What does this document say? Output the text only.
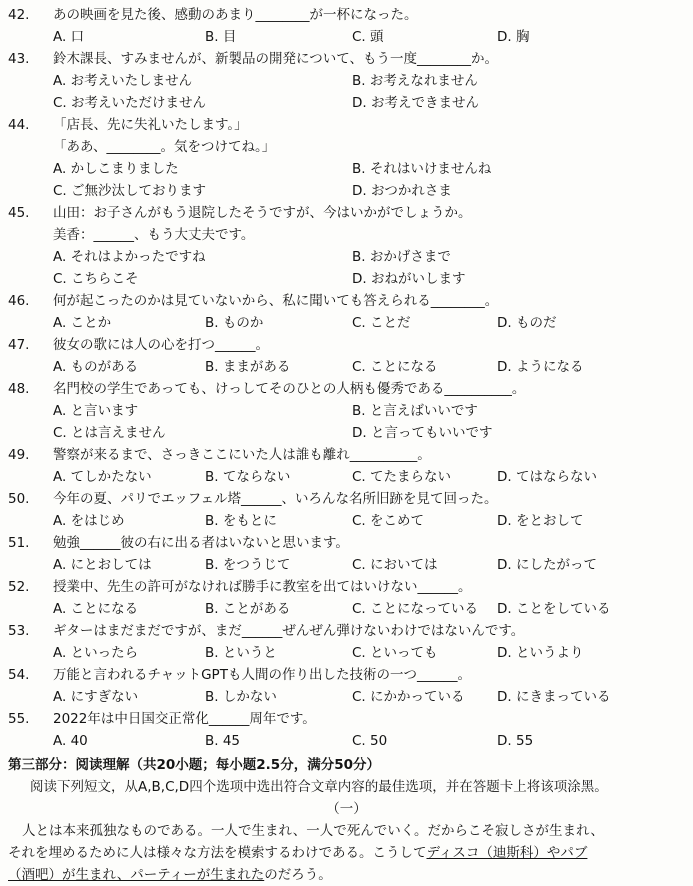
42. あの映画を見た後、感動のあまり________が一杯になった。
A. 口	B. 目	C. 頭	D. 胸
43. 鈴木課長、すみませんが、新製品の開発について、もう一度________か。
A. お考えいたしません	B. お考えなれません
C. お考えいただけません	D. お考えできません
44. 「店長、先に失礼いたします。」
「ああ、________。気をつけてね。」
A. かしこまりました	B. それはいけませんね
C. ご無沙汰しております	D. おつかれさま
45. 山田：お子さんがもう退院したそうですが、今はいかがでしょうか。
美香：______、もう大丈夫です。
A. それはよかったですね	B. おかげさまで
C. こちらこそ	D. おねがいします
46. 何が起こったのかは見ていないから、私に聞いても答えられる________。
A. ことか	B. ものか	C. ことだ	D. ものだ
47. 彼女の歌には人の心を打つ______。
A. ものがある	B. ままがある	C. ことになる	D. ようになる
48. 名門校の学生であっても、けっしてそのひとの人柄も優秀である__________。
A. と言います	B. と言えばいいです
C. とは言えません	D. と言ってもいいです
49. 警察が来るまで、さっきここにいた人は誰も離れ__________。
A. てしかたない	B. てならない	C. てたまらない	D. てはならない
50. 今年の夏、パリでエッフェル塔______、いろんな名所旧跡を見て回った。
A. をはじめ	B. をもとに	C. をこめて	D. をとおして
51. 勉強______彼の右に出る者はいないと思います。
A. にとおしては	B. をつうじて	C. においては	D. にしたがって
52. 授業中、先生の許可がなければ勝手に教室を出てはいけない______。
A. ことになる	B. ことがある	C. ことになっている D. ことをしている
53. ギターはまだまだですが、まだ______ぜんぜん弾けないわけではないんです。
A. といったら	B. というと	C. といっても	D. というより
54. 万能と言われるチャットGPTも人間の作り出した技術の一つ______。
A. にすぎない	B. しかない	C. にかかっている D. にきまっている
55. 2022年は中日国交正常化______周年です。
A. 40	B. 45	C. 50	D. 55
第三部分：阅读理解（共20小题；每小题2.5分，满分50分）
阅读下列短文，从A,B,C,D四个选项中选出符合文章内容的最佳选项，并在答题卡上将该项涂黑。
（一）
人とは本来孤独なものである。一人で生まれ、一人で死んでいく。だからこそ寂しさが生まれ、
それを埋めるために人は様々な方法を模索するわけである。こうしてディスコ（迪斯科）やパブ
（酒吧）が生まれ、パーティーが生まれたのだろう。
